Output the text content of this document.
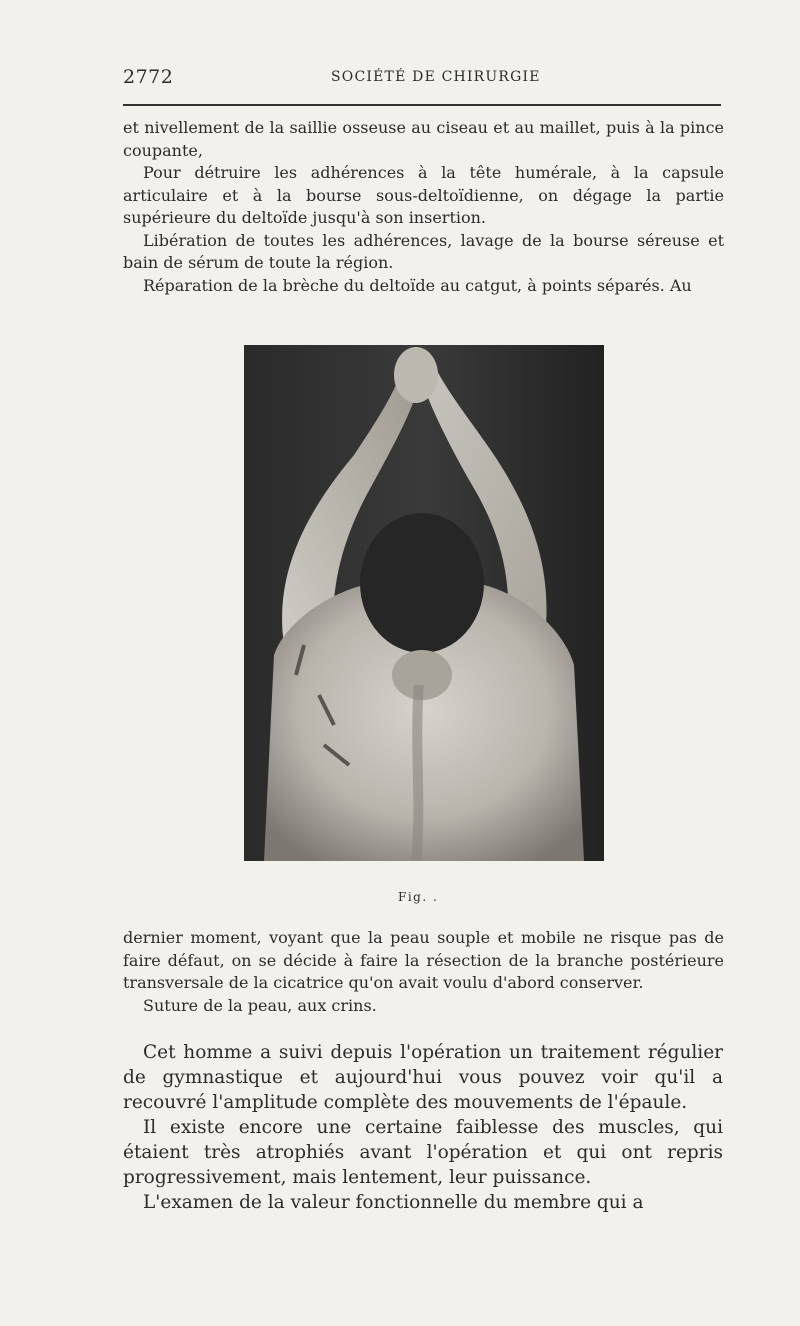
2772	SOCIÉTÉ DE CHIRURGIE

et nivellement de la saillie osseuse au ciseau et au maillet, puis à la pince coupante,

Pour détruire les adhérences à la tête humérale, à la capsule articulaire et à la bourse sous-deltoïdienne, on dégage la partie supérieure du deltoïde jusqu'à son insertion.

Libération de toutes les adhérences, lavage de la bourse séreuse et bain de sérum de toute la région.

Réparation de la brèche du deltoïde au catgut, à points séparés. Au

Fig. .

dernier moment, voyant que la peau souple et mobile ne risque pas de faire défaut, on se décide à faire la résection de la branche postérieure transversale de la cicatrice qu'on avait voulu d'abord conserver.

Suture de la peau, aux crins.

Cet homme a suivi depuis l'opération un traitement régulier de gymnastique et aujourd'hui vous pouvez voir qu'il a recouvré l'amplitude complète des mouvements de l'épaule.

Il existe encore une certaine faiblesse des muscles, qui étaient très atrophiés avant l'opération et qui ont repris progressivement, mais lentement, leur puissance.

L'examen de la valeur fonctionnelle du membre qui a
